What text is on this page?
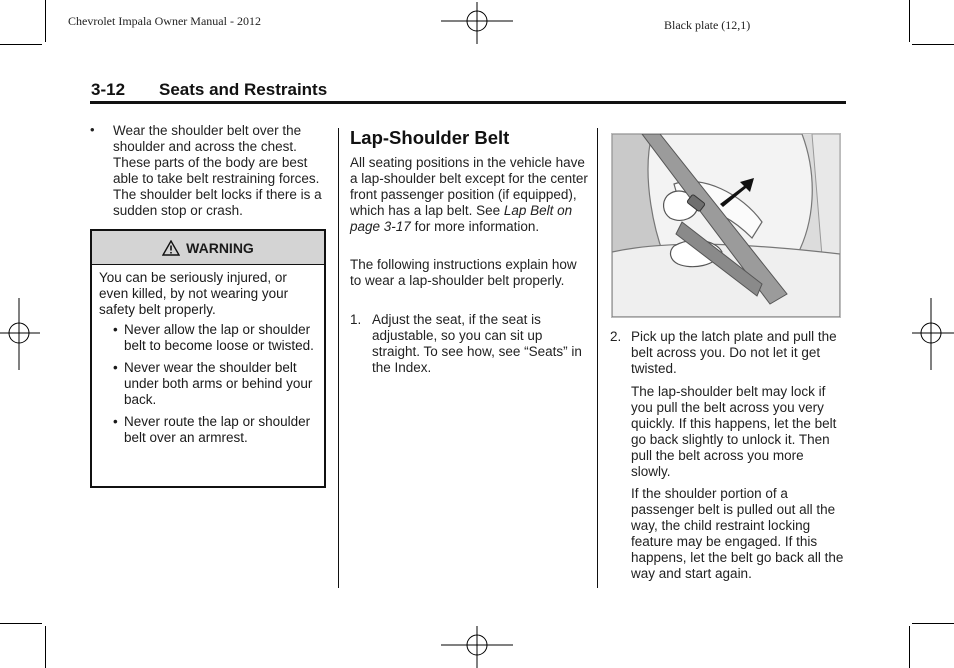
Chevrolet Impala Owner Manual - 2012	Black plate (12,1)
3-12 Seats and Restraints
• Wear the shoulder belt over the shoulder and across the chest. These parts of the body are best able to take belt restraining forces. The shoulder belt locks if there is a sudden stop or crash.
WARNING
You can be seriously injured, or even killed, by not wearing your safety belt properly.
• Never allow the lap or shoulder belt to become loose or twisted.
• Never wear the shoulder belt under both arms or behind your back.
• Never route the lap or shoulder belt over an armrest.
Lap-Shoulder Belt
All seating positions in the vehicle have a lap-shoulder belt except for the center front passenger position (if equipped), which has a lap belt. See Lap Belt on page 3-17 for more information.
The following instructions explain how to wear a lap-shoulder belt properly.
1. Adjust the seat, if the seat is adjustable, so you can sit up straight. To see how, see “Seats” in the Index.
2. Pick up the latch plate and pull the belt across you. Do not let it get twisted.
The lap-shoulder belt may lock if you pull the belt across you very quickly. If this happens, let the belt go back slightly to unlock it. Then pull the belt across you more slowly.
If the shoulder portion of a passenger belt is pulled out all the way, the child restraint locking feature may be engaged. If this happens, let the belt go back all the way and start again.
